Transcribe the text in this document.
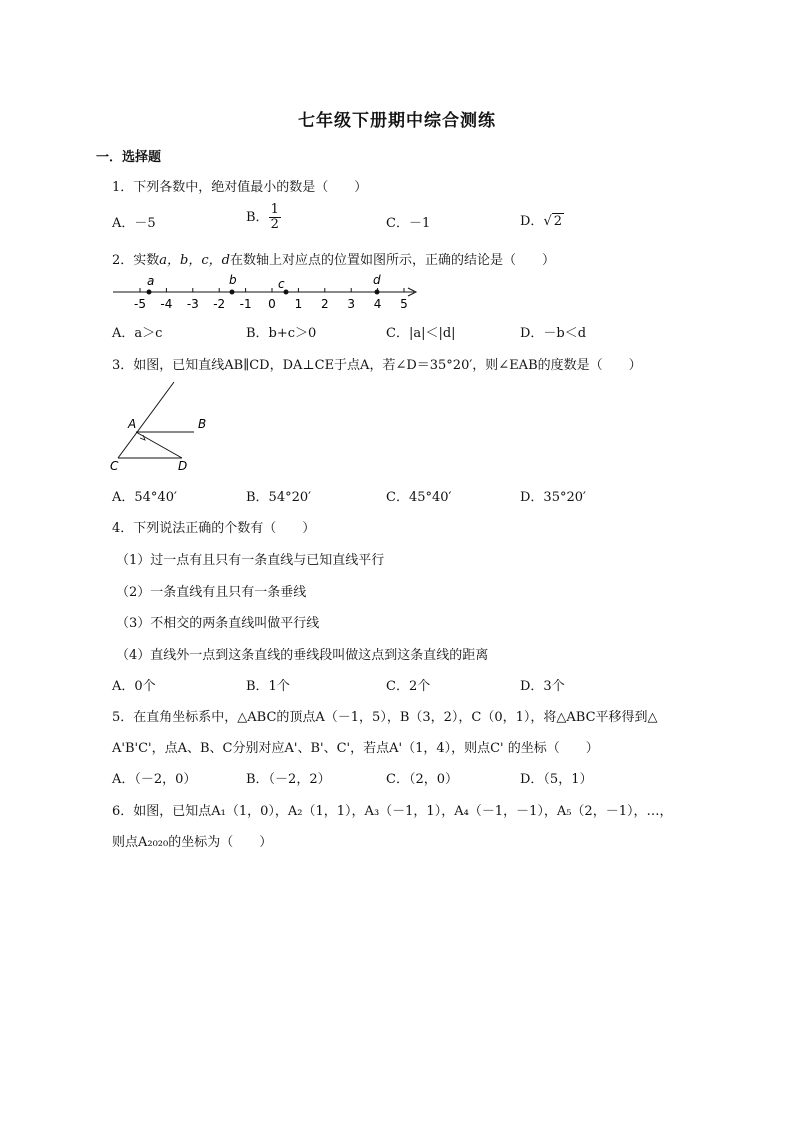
七年级下册期中综合测练
一．选择题
1．下列各数中，绝对值最小的数是（　　）
A．－5	B． $\frac{1}{2}$	C．－1	D．√ 2
2．实数a，b，c，d在数轴上对应点的位置如图所示，正确的结论是（　　）
-5 -4 -3 -2 -1 0 1 2 3 4 5
a	b	c	d
A．a＞c	B．b+c＞0	C．|a|＜|d|	D．－b＜d
3．如图，已知直线AB∥CD，DA⊥CE于点A，若∠D＝35°20′，则∠EAB的度数是（　　）
A	B
C	D
A．54°40′	B．54°20′	C．45°40′	D．35°20′
4．下列说法正确的个数有（　　）
（1）过一点有且只有一条直线与已知直线平行
（2）一条直线有且只有一条垂线
（3）不相交的两条直线叫做平行线
（4）直线外一点到这条直线的垂线段叫做这点到这条直线的距离
A．0个	B．1个	C．2个	D．3个
5．在直角坐标系中，△ABC的顶点A（－1，5），B（3，2），C（0，1），将△ABC平移得到△
A'B'C'，点A、B、C分别对应A'、B'、C'，若点A'（1，4），则点C' 的坐标（　　）
A．（－2，0）	B．（－2，2）	C．（2，0）	D．（5，1）
6．如图，已知点A₁（1，0），A₂（1，1），A₃（－1，1），A₄（－1，－1），A₅（2，－1），…，
则点A₂₀₂₀的坐标为（　　）
